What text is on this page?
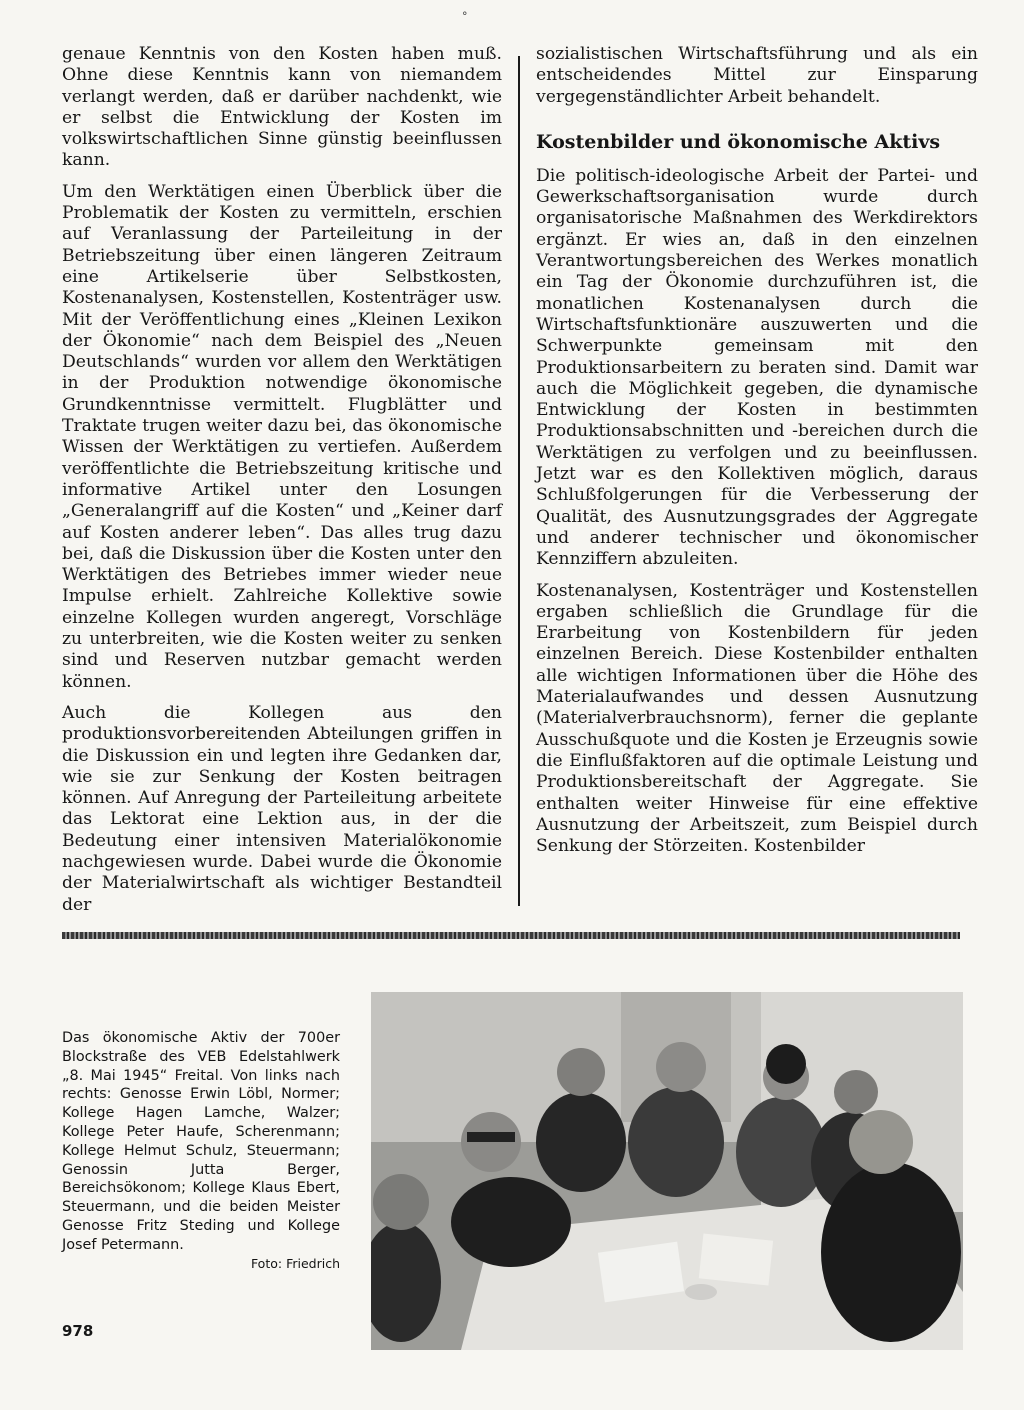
°

genaue Kenntnis von den Kosten haben muß. Ohne diese Kenntnis kann von niemandem verlangt werden, daß er darüber nachdenkt, wie er selbst die Entwicklung der Kosten im volkswirtschaftlichen Sinne günstig beeinflussen kann.

Um den Werktätigen einen Überblick über die Problematik der Kosten zu vermitteln, erschien auf Veranlassung der Parteileitung in der Betriebszeitung über einen längeren Zeitraum eine Artikelserie über Selbstkosten, Kostenanalysen, Kostenstellen, Kostenträger usw. Mit der Veröffentlichung eines „Kleinen Lexikon der Ökonomie“ nach dem Beispiel des „Neuen Deutschlands“ wurden vor allem den Werktätigen in der Produktion notwendige ökonomische Grundkenntnisse vermittelt. Flugblätter und Traktate trugen weiter dazu bei, das ökonomische Wissen der Werktätigen zu vertiefen. Außerdem veröffentlichte die Betriebszeitung kritische und informative Artikel unter den Losungen „Generalangriff auf die Kosten“ und „Keiner darf auf Kosten anderer leben“. Das alles trug dazu bei, daß die Diskussion über die Kosten unter den Werktätigen des Betriebes immer wieder neue Impulse erhielt. Zahlreiche Kollektive sowie einzelne Kollegen wurden angeregt, Vorschläge zu unterbreiten, wie die Kosten weiter zu senken sind und Reserven nutzbar gemacht werden können.

Auch die Kollegen aus den produktionsvorbereitenden Abteilungen griffen in die Diskussion ein und legten ihre Gedanken dar, wie sie zur Senkung der Kosten beitragen können. Auf Anregung der Parteileitung arbeitete das Lektorat eine Lektion aus, in der die Bedeutung einer intensiven Materialökonomie nachgewiesen wurde. Dabei wurde die Ökonomie der Materialwirtschaft als wichtiger Bestandteil der

sozialistischen Wirtschaftsführung und als ein entscheidendes Mittel zur Einsparung vergegenständlichter Arbeit behandelt.

Kostenbilder und ökonomische Aktivs

Die politisch-ideologische Arbeit der Partei- und Gewerkschaftsorganisation wurde durch organisatorische Maßnahmen des Werkdirektors ergänzt. Er wies an, daß in den einzelnen Verantwortungsbereichen des Werkes monatlich ein Tag der Ökonomie durchzuführen ist, die monatlichen Kostenanalysen durch die Wirtschaftsfunktionäre auszuwerten und die Schwerpunkte gemeinsam mit den Produktionsarbeitern zu beraten sind. Damit war auch die Möglichkeit gegeben, die dynamische Entwicklung der Kosten in bestimmten Produktionsabschnitten und -bereichen durch die Werktätigen zu verfolgen und zu beeinflussen. Jetzt war es den Kollektiven möglich, daraus Schlußfolgerungen für die Verbesserung der Qualität, des Ausnutzungsgrades der Aggregate und anderer technischer und ökonomischer Kennziffern abzuleiten.

Kostenanalysen, Kostenträger und Kostenstellen ergaben schließlich die Grundlage für die Erarbeitung von Kostenbildern für jeden einzelnen Bereich. Diese Kostenbilder enthalten alle wichtigen Informationen über die Höhe des Materialaufwandes und dessen Ausnutzung (Materialverbrauchsnorm), ferner die geplante Ausschußquote und die Kosten je Erzeugnis sowie die Einflußfaktoren auf die optimale Leistung und Produktionsbereitschaft der Aggregate. Sie enthalten weiter Hinweise für eine effektive Ausnutzung der Arbeitszeit, zum Beispiel durch Senkung der Störzeiten. Kostenbilder

Das ökonomische Aktiv der 700er Blockstraße des VEB Edelstahlwerk „8. Mai 1945“ Freital. Von links nach rechts: Genosse Erwin Löbl, Normer; Kollege Hagen Lamche, Walzer; Kollege Peter Haufe, Scherenmann; Kollege Helmut Schulz, Steuermann; Genossin Jutta Berger, Bereichsökonom; Kollege Klaus Ebert, Steuermann, und die beiden Meister Genosse Fritz Steding und Kollege Josef Petermann.
Foto: Friedrich
978
